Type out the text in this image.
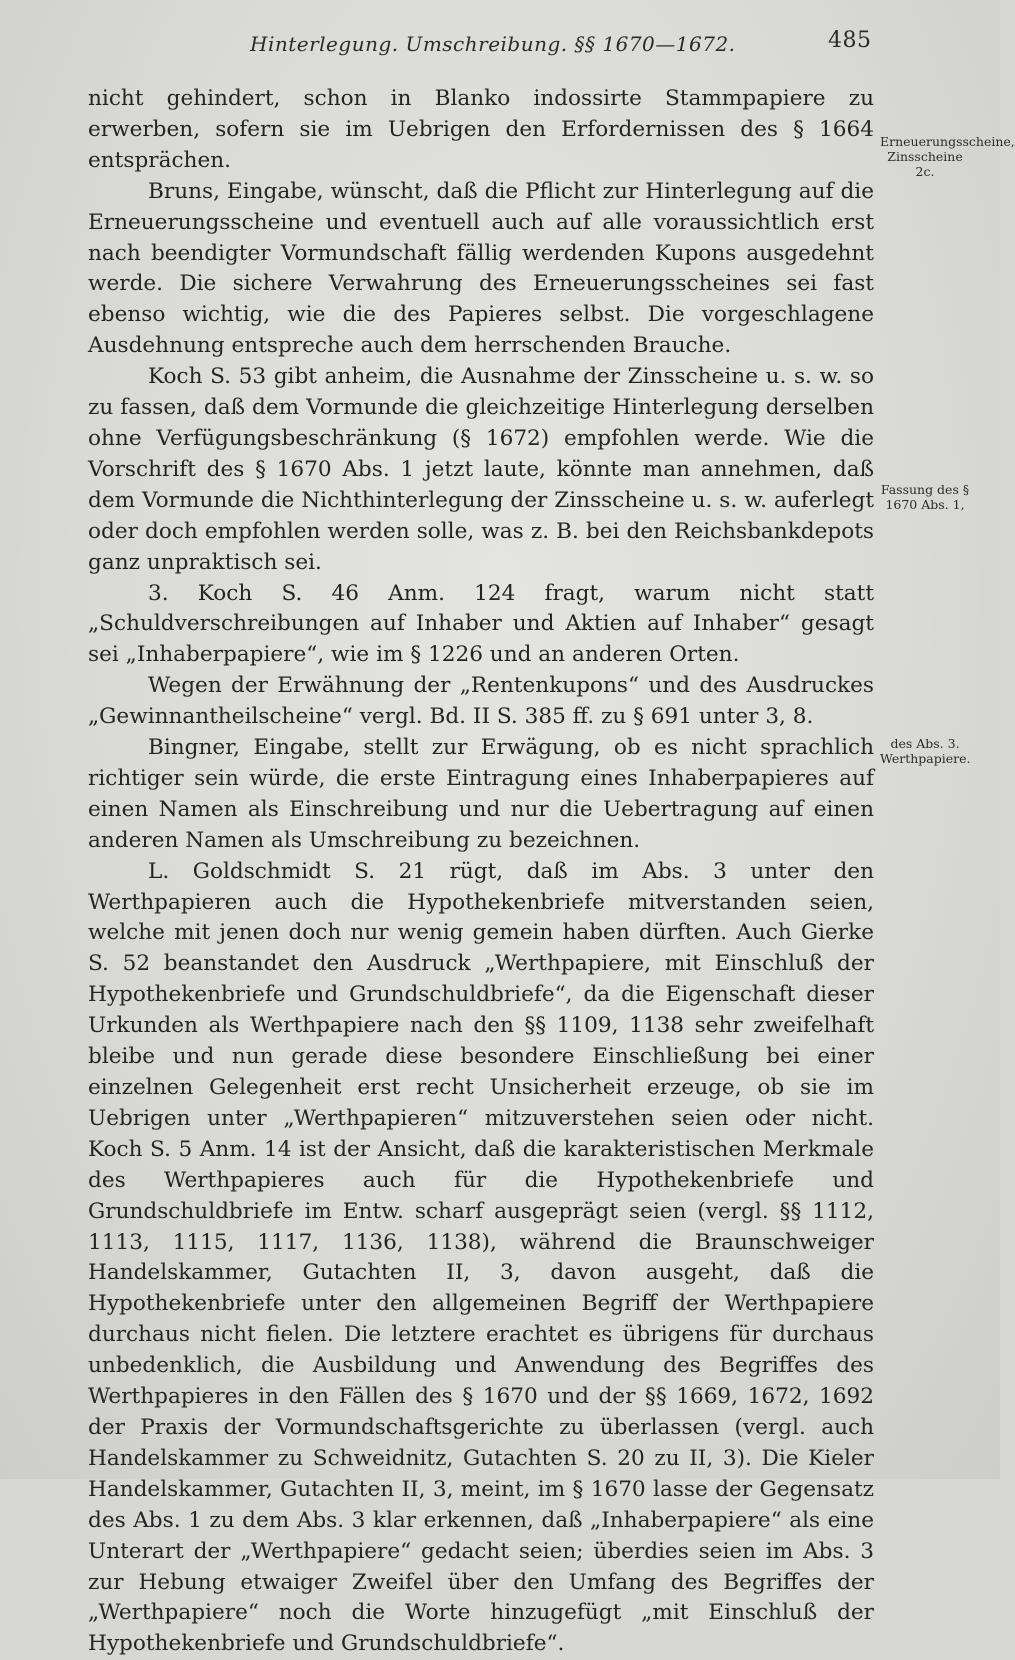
Hinterlegung. Umschreibung. §§ 1670—1672.	485

nicht gehindert, schon in Blanko indossirte Stammpapiere zu erwerben, sofern sie im Uebrigen den Erfordernissen des § 1664 entsprächen.

Bruns, Eingabe, wünscht, daß die Pflicht zur Hinterlegung auf die Erneuerungsscheine und eventuell auch auf alle voraussichtlich erst nach beendigter Vormundschaft fällig werdenden Kupons ausgedehnt werde. Die sichere Verwahrung des Erneuerungsscheines sei fast ebenso wichtig, wie die des Papieres selbst. Die vorgeschlagene Ausdehnung entspreche auch dem herrschenden Brauche.

Koch S. 53 gibt anheim, die Ausnahme der Zinsscheine u. s. w. so zu fassen, daß dem Vormunde die gleichzeitige Hinterlegung derselben ohne Verfügungsbeschränkung (§ 1672) empfohlen werde. Wie die Vorschrift des § 1670 Abs. 1 jetzt laute, könnte man annehmen, daß dem Vormunde die Nichthinterlegung der Zinsscheine u. s. w. auferlegt oder doch empfohlen werden solle, was z. B. bei den Reichsbankdepots ganz unpraktisch sei.

3. Koch S. 46 Anm. 124 fragt, warum nicht statt „Schuldverschreibungen auf Inhaber und Aktien auf Inhaber“ gesagt sei „Inhaberpapiere“, wie im § 1226 und an anderen Orten.

Wegen der Erwähnung der „Rentenkupons“ und des Ausdruckes „Gewinnantheilscheine“ vergl. Bd. II S. 385 ff. zu § 691 unter 3, 8.

Bingner, Eingabe, stellt zur Erwägung, ob es nicht sprachlich richtiger sein würde, die erste Eintragung eines Inhaberpapieres auf einen Namen als Einschreibung und nur die Uebertragung auf einen anderen Namen als Umschreibung zu bezeichnen.

L. Goldschmidt S. 21 rügt, daß im Abs. 3 unter den Werthpapieren auch die Hypothekenbriefe mitverstanden seien, welche mit jenen doch nur wenig gemein haben dürften. Auch Gierke S. 52 beanstandet den Ausdruck „Werthpapiere, mit Einschluß der Hypothekenbriefe und Grundschuldbriefe“, da die Eigenschaft dieser Urkunden als Werthpapiere nach den §§ 1109, 1138 sehr zweifelhaft bleibe und nun gerade diese besondere Einschließung bei einer einzelnen Gelegenheit erst recht Unsicherheit erzeuge, ob sie im Uebrigen unter „Werthpapieren“ mitzuverstehen seien oder nicht. Koch S. 5 Anm. 14 ist der Ansicht, daß die karakteristischen Merkmale des Werthpapieres auch für die Hypothekenbriefe und Grundschuldbriefe im Entw. scharf ausgeprägt seien (vergl. §§ 1112, 1113, 1115, 1117, 1136, 1138), während die Braunschweiger Handelskammer, Gutachten II, 3, davon ausgeht, daß die Hypothekenbriefe unter den allgemeinen Begriff der Werthpapiere durchaus nicht fielen. Die letztere erachtet es übrigens für durchaus unbedenklich, die Ausbildung und Anwendung des Begriffes des Werthpapieres in den Fällen des § 1670 und der §§ 1669, 1672, 1692 der Praxis der Vormundschaftsgerichte zu überlassen (vergl. auch Handelskammer zu Schweidnitz, Gutachten S. 20 zu II, 3). Die Kieler Handelskammer, Gutachten II, 3, meint, im § 1670 lasse der Gegensatz des Abs. 1 zu dem Abs. 3 klar erkennen, daß „Inhaberpapiere“ als eine Unterart der „Werthpapiere“ gedacht seien; überdies seien im Abs. 3 zur Hebung etwaiger Zweifel über den Umfang des Begriffes der „Werthpapiere“ noch die Worte hinzugefügt „mit Einschluß der Hypothekenbriefe und Grundschuldbriefe“.

Erneuerungsscheine, Zinsscheine 2c.
Fassung des § 1670 Abs. 1,
des Abs. 3. Werthpapiere.
